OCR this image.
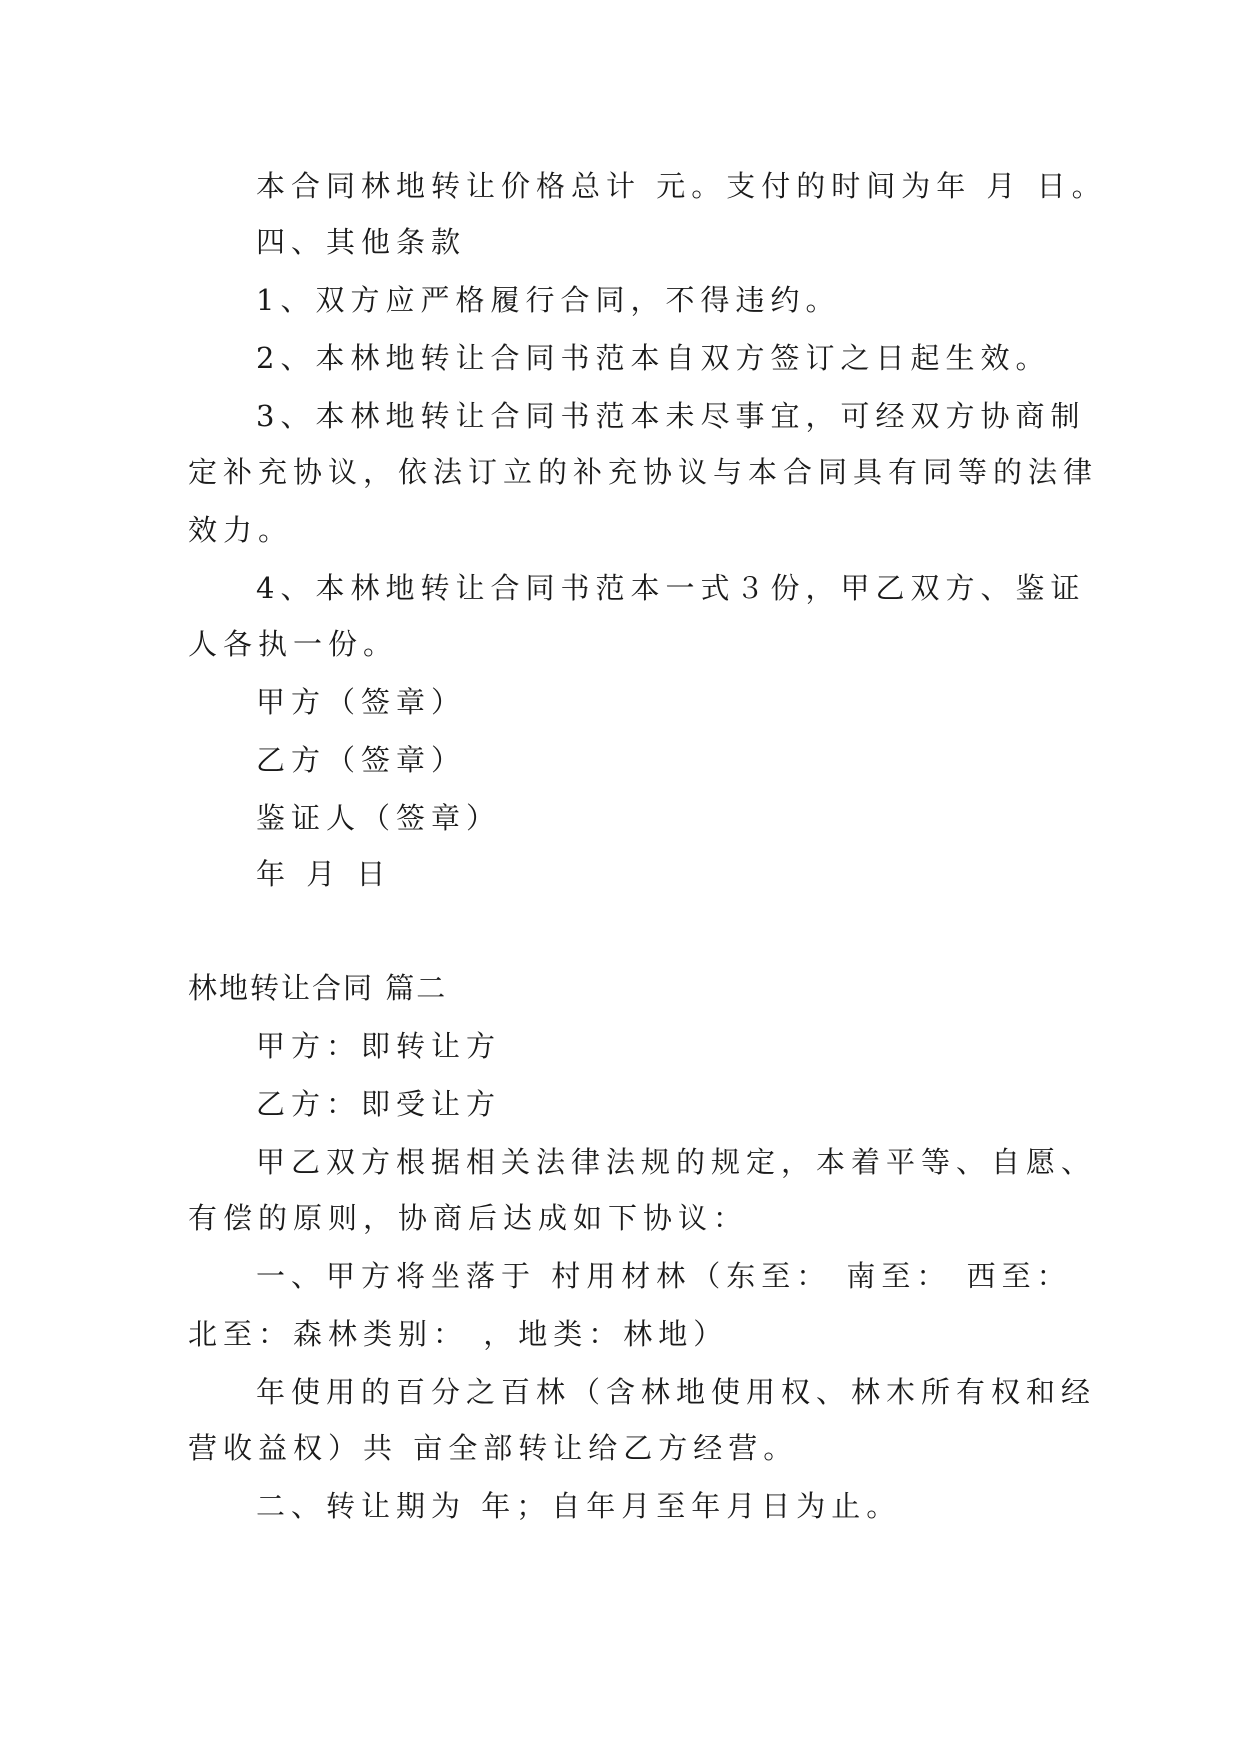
本合同林地转让价格总计 元。支付的时间为年 月 日。
四、其他条款
1、双方应严格履行合同，不得违约。
2、本林地转让合同书范本自双方签订之日起生效。
3、本林地转让合同书范本未尽事宜，可经双方协商制
定补充协议，依法订立的补充协议与本合同具有同等的法律
效力。
4、本林地转让合同书范本一式３份，甲乙双方、鉴证
人各执一份。
甲方（签章）
乙方（签章）
鉴证人（签章）
年 月 日
林地转让合同 篇二
甲方：即转让方
乙方：即受让方
甲乙双方根据相关法律法规的规定，本着平等、自愿、
有偿的原则，协商后达成如下协议：
一、甲方将坐落于 村用材林（东至： 南至： 西至：
北至：森林类别： ，地类：林地）
年使用的百分之百林（含林地使用权、林木所有权和经
营收益权）共 亩全部转让给乙方经营。
二、转让期为 年；自年月至年月日为止。
